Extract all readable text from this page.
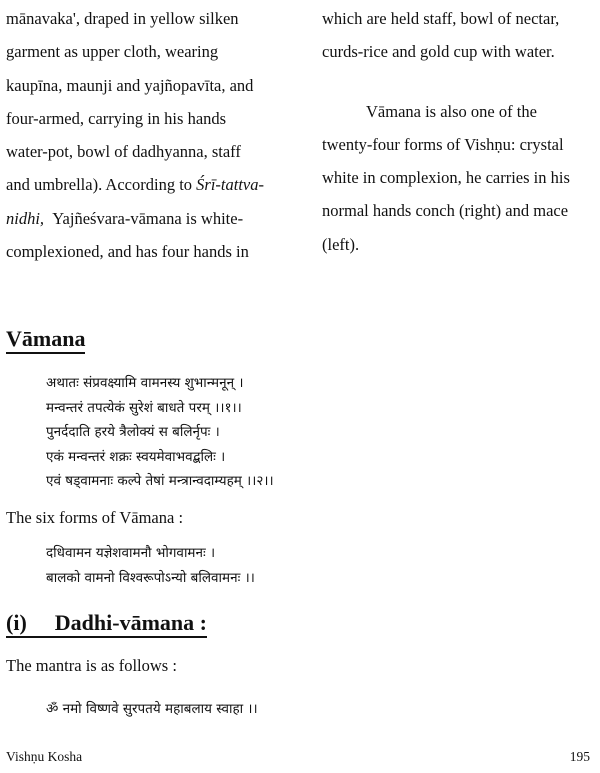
mānavaka', draped in yellow silken
garment as upper cloth, wearing
kaupīna, maunji and yajñopavīta, and
four-armed, carrying in his hands
water-pot, bowl of dadhyanna, staff
and umbrella). According to Śrī-tattva-
nidhi, Yajñeśvara-vāmana is white-
complexioned, and has four hands in
which are held staff, bowl of nectar,
curds-rice and gold cup with water.
Vāmana is also one of the
twenty-four forms of Vishṇu: crystal
white in complexion, he carries in his
normal hands conch (right) and mace
(left).
Vāmana
अथातः संप्रवक्ष्यामि वामनस्य शुभान्मनून् ।
मन्वन्तरं तपत्येकं सुरेशं बाधते परम् ।।१।।
पुनर्ददाति हरये त्रैलोक्यं स बलिर्नृपः ।
एकं मन्वन्तरं शक्रः स्वयमेवाभवद्बलिः ।
एवं षड्वामनाः कल्पे तेषां मन्त्रान्वदाम्यहम् ।।२।।
The six forms of Vāmana :
दधिवामन यज्ञेशवामनौ भोगवामनः ।
बालको वामनो विश्वरूपोऽन्यो बलिवामनः ।।
(i) Dadhi-vāmana :
The mantra is as follows :
ॐ नमो विष्णवे सुरपतये महाबलाय स्वाहा ।।
Vishṇu Kosha	195
